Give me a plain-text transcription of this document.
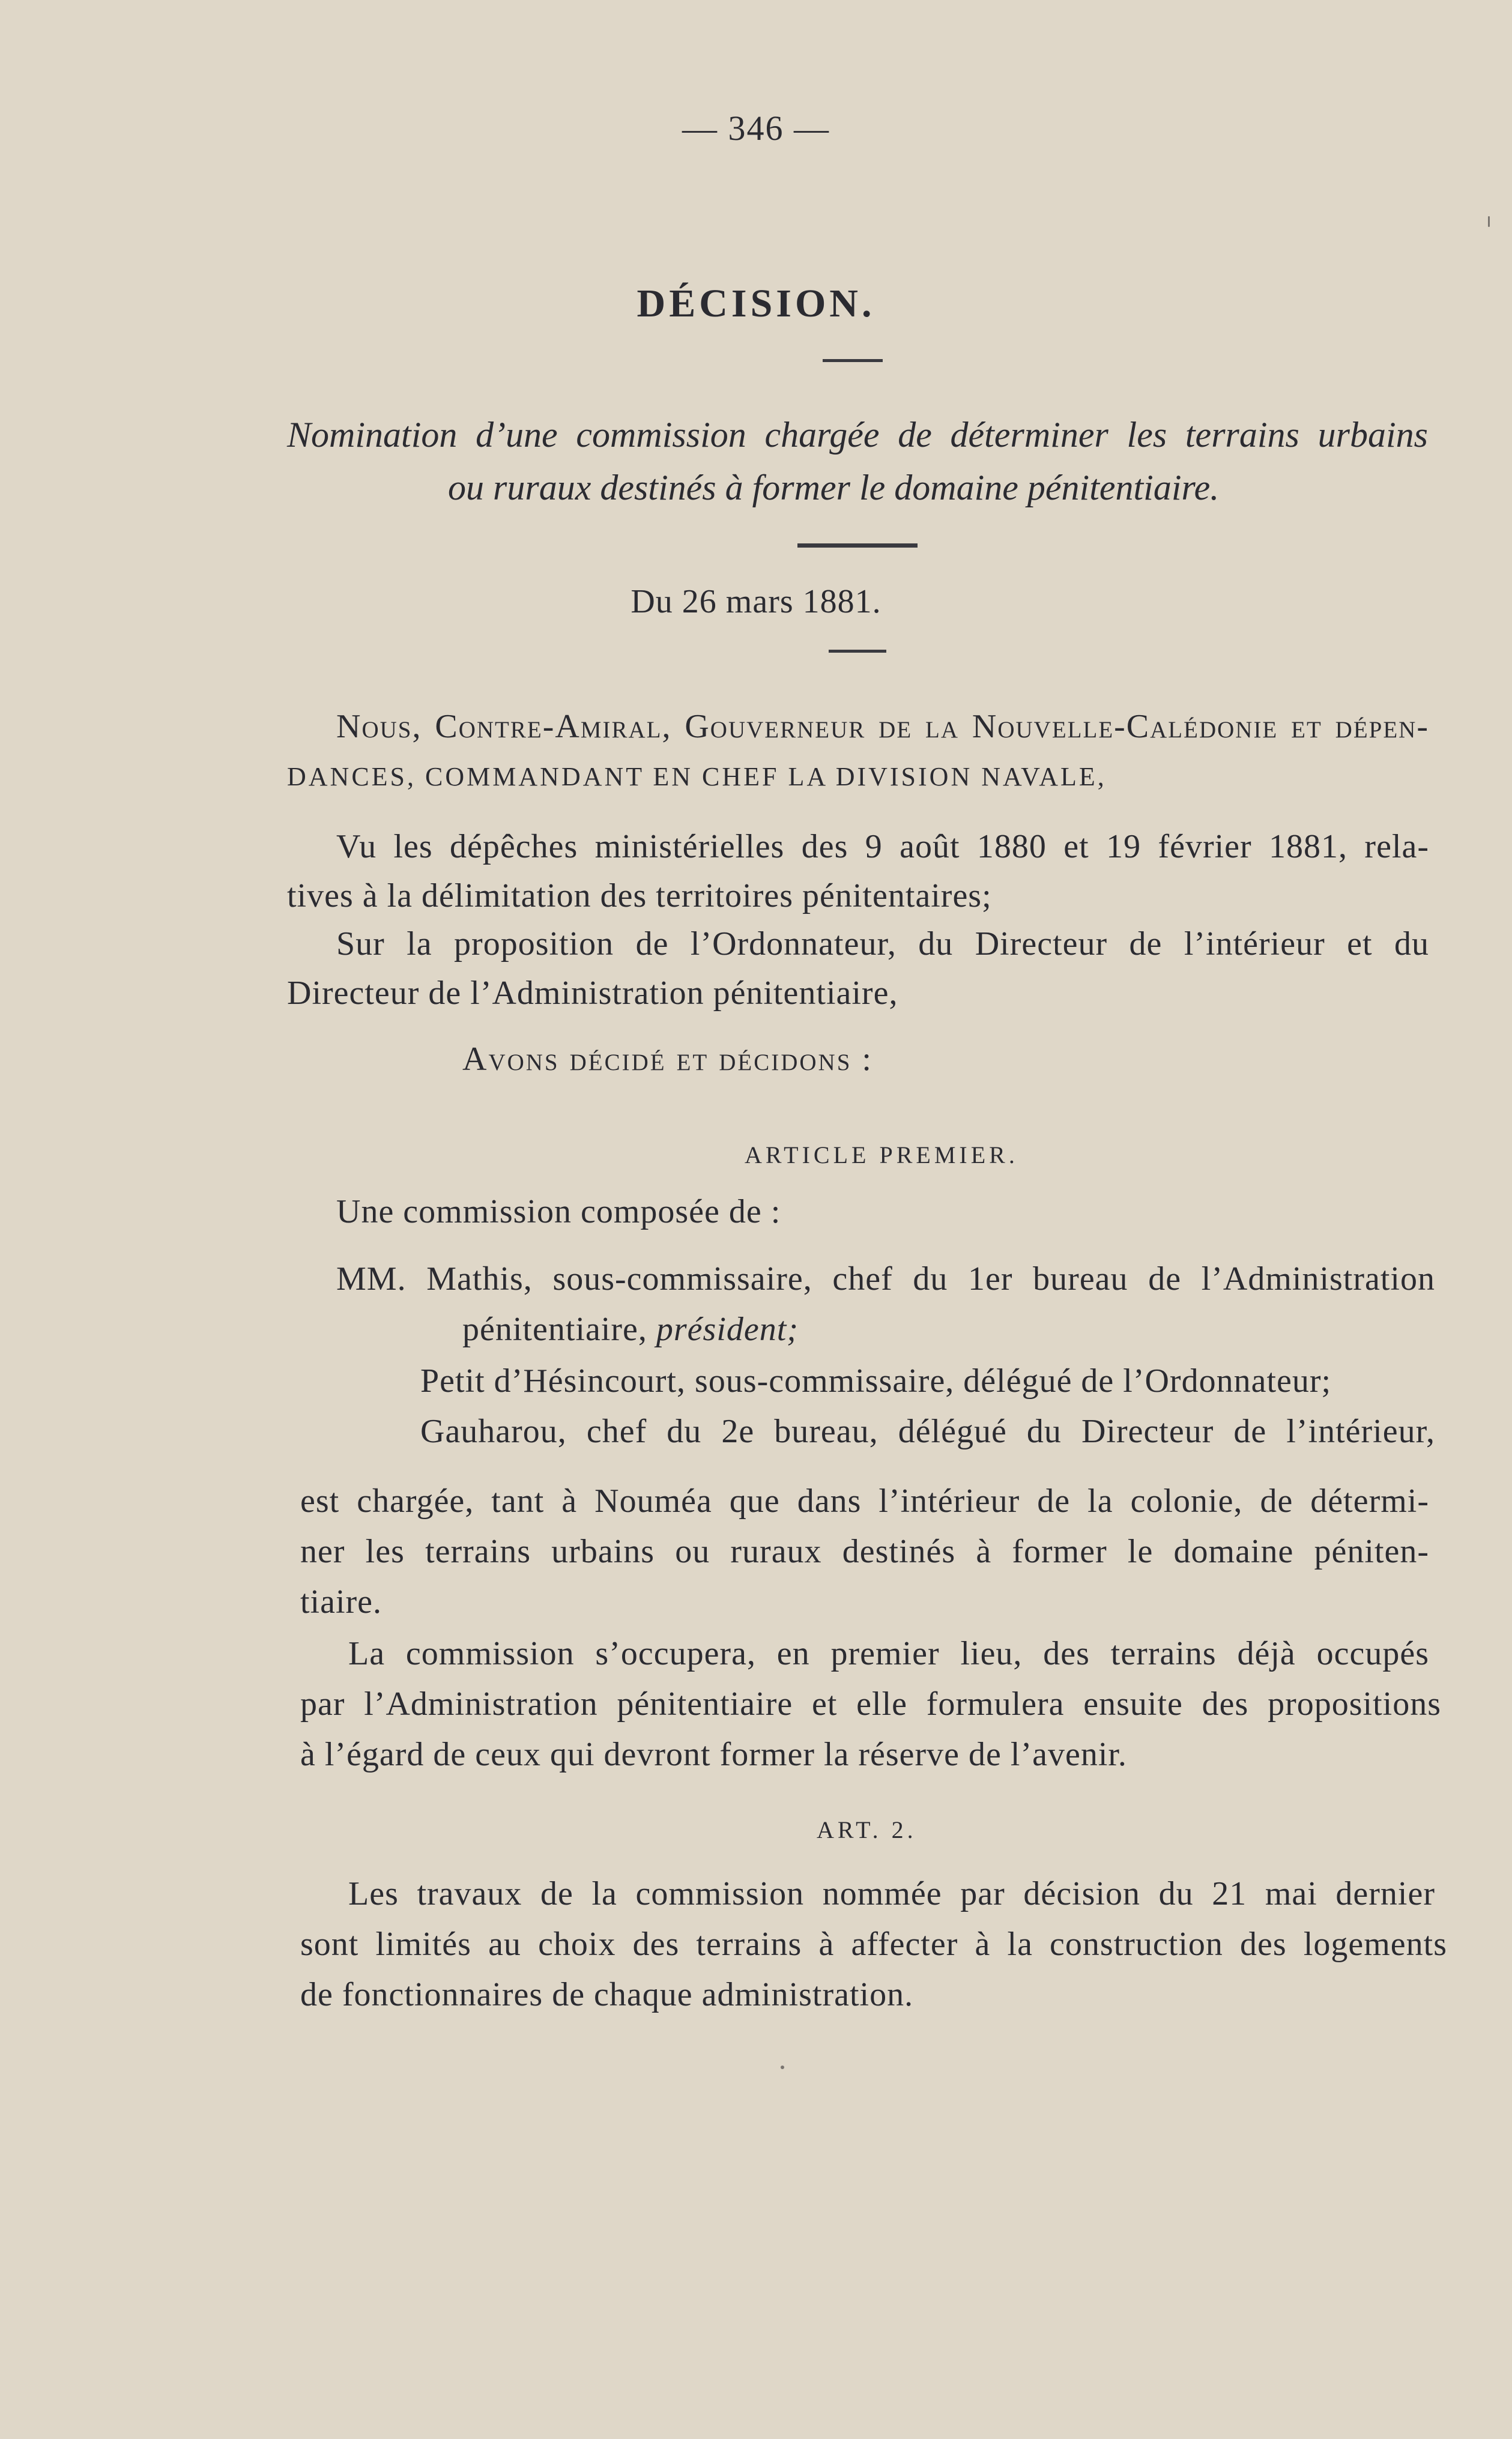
— 346 —
DÉCISION.
Nomination d’une commission chargée de déterminer les terrains urbains
ou ruraux destinés à former le domaine pénitentiaire.
Du 26 mars 1881.
Nous, Contre-Amiral, Gouverneur de la Nouvelle-Calédonie et dépen-
DANCES, COMMANDANT EN CHEF LA DIVISION NAVALE,
Vu les dépêches ministérielles des 9 août 1880 et 19 février 1881, rela-
tives à la délimitation des territoires pénitentaires;
Sur la proposition de l’Ordonnateur, du Directeur de l’intérieur et du
Directeur de l’Administration pénitentiaire,
Avons décidé et décidons :
ARTICLE PREMIER.
Une commission composée de :
MM. Mathis, sous-commissaire, chef du 1er bureau de l’Administration
pénitentiaire, président;
Petit d’Hésincourt, sous-commissaire, délégué de l’Ordonnateur;
Gauharou, chef du 2e bureau, délégué du Directeur de l’intérieur,
est chargée, tant à Nouméa que dans l’intérieur de la colonie, de détermi-
ner les terrains urbains ou ruraux destinés à former le domaine péniten-
tiaire.
La commission s’occupera, en premier lieu, des terrains déjà occupés
par l’Administration pénitentiaire et elle formulera ensuite des propositions
à l’égard de ceux qui devront former la réserve de l’avenir.
ART. 2.
Les travaux de la commission nommée par décision du 21 mai dernier
sont limités au choix des terrains à affecter à la construction des logements
de fonctionnaires de chaque administration.
